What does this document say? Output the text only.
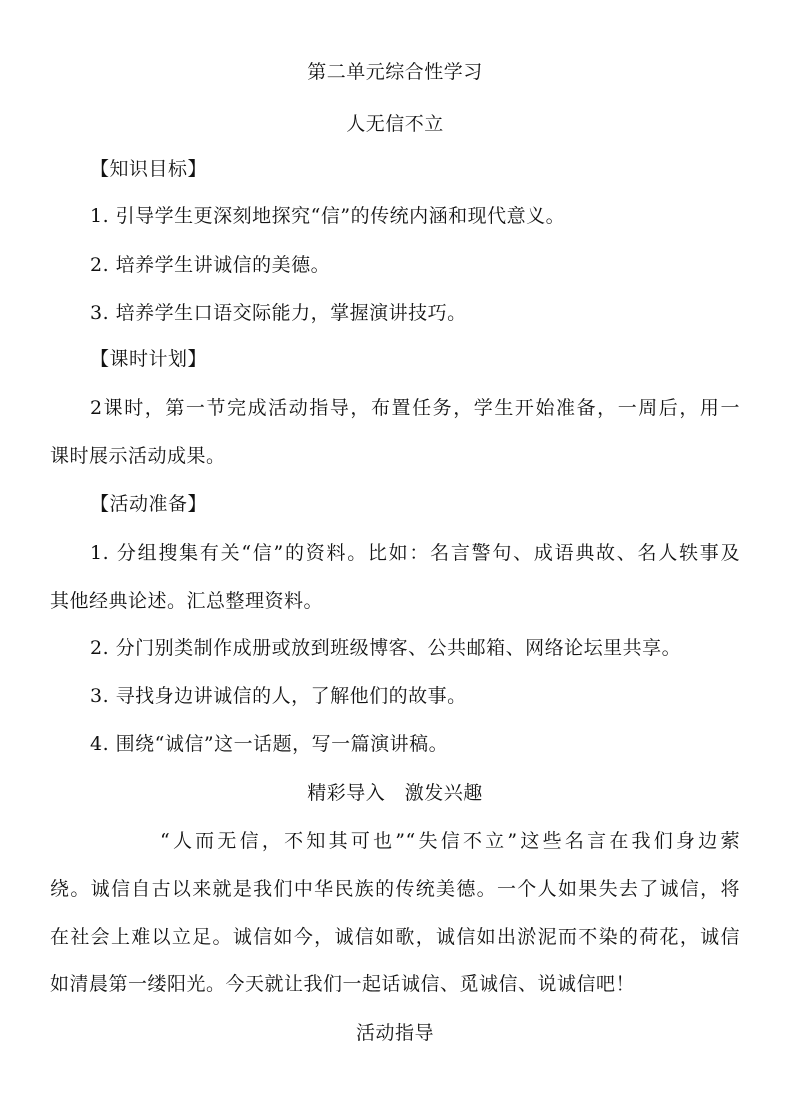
第二单元综合性学习
人无信不立
【知识目标】
1. 引导学生更深刻地探究“信”的传统内涵和现代意义。
2. 培养学生讲诚信的美德。
3. 培养学生口语交际能力，掌握演讲技巧。
【课时计划】
2课时，第一节完成活动指导，布置任务，学生开始准备，一周后，用一
课时展示活动成果。
【活动准备】
1. 分组搜集有关“信”的资料。比如：名言警句、成语典故、名人轶事及
其他经典论述。汇总整理资料。
2. 分门别类制作成册或放到班级博客、公共邮箱、网络论坛里共享。
3. 寻找身边讲诚信的人，了解他们的故事。
4. 围绕“诚信”这一话题，写一篇演讲稿。
精彩导入   激发兴趣
“人而无信，不知其可也”“失信不立”这些名言在我们身边萦
绕。诚信自古以来就是我们中华民族的传统美德。一个人如果失去了诚信，将
在社会上难以立足。诚信如今，诚信如歌，诚信如出淤泥而不染的荷花，诚信
如清晨第一缕阳光。今天就让我们一起话诚信、觅诚信、说诚信吧！
活动指导
